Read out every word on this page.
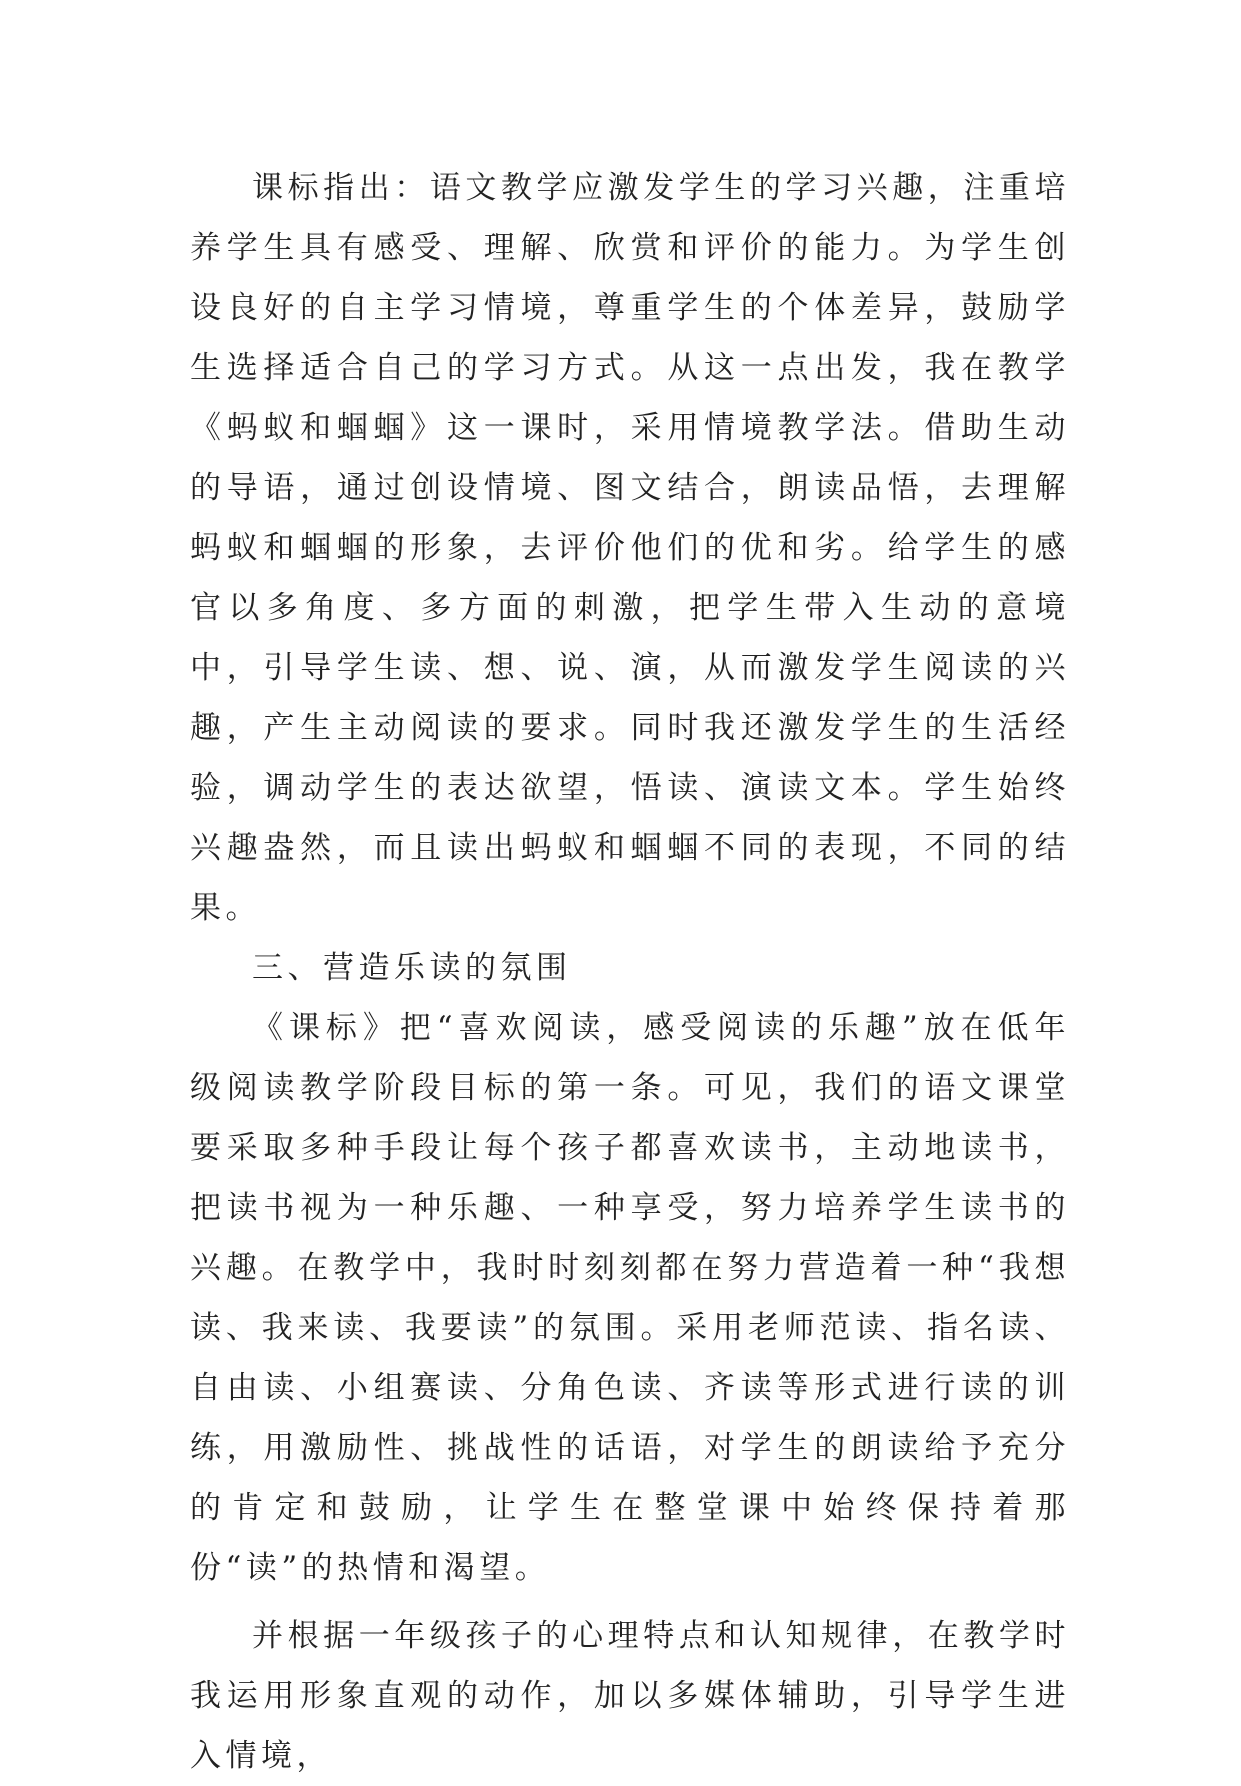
课标指出：语文教学应激发学生的学习兴趣，注重培养学生具有感受、理解、欣赏和评价的能力。为学生创设良好的自主学习情境，尊重学生的个体差异，鼓励学生选择适合自己的学习方式。从这一点出发，我在教学《蚂蚁和蝈蝈》这一课时，采用情境教学法。借助生动的导语，通过创设情境、图文结合，朗读品悟，去理解蚂蚁和蝈蝈的形象，去评价他们的优和劣。给学生的感官以多角度、多方面的刺激，把学生带入生动的意境中，引导学生读、想、说、演，从而激发学生阅读的兴趣，产生主动阅读的要求。同时我还激发学生的生活经验，调动学生的表达欲望，悟读、演读文本。学生始终兴趣盎然，而且读出蚂蚁和蝈蝈不同的表现，不同的结果。

三、营造乐读的氛围

《课标》把“喜欢阅读，感受阅读的乐趣”放在低年级阅读教学阶段目标的第一条。可见，我们的语文课堂要采取多种手段让每个孩子都喜欢读书，主动地读书，把读书视为一种乐趣、一种享受，努力培养学生读书的兴趣。在教学中，我时时刻刻都在努力营造着一种“我想读、我来读、我要读”的氛围。采用老师范读、指名读、自由读、小组赛读、分角色读、齐读等形式进行读的训练，用激励性、挑战性的话语，对学生的朗读给予充分的肯定和鼓励，让学生在整堂课中始终保持着那份“读”的热情和渴望。

并根据一年级孩子的心理特点和认知规律，在教学时我运用形象直观的动作，加以多媒体辅助，引导学生进入情境，
